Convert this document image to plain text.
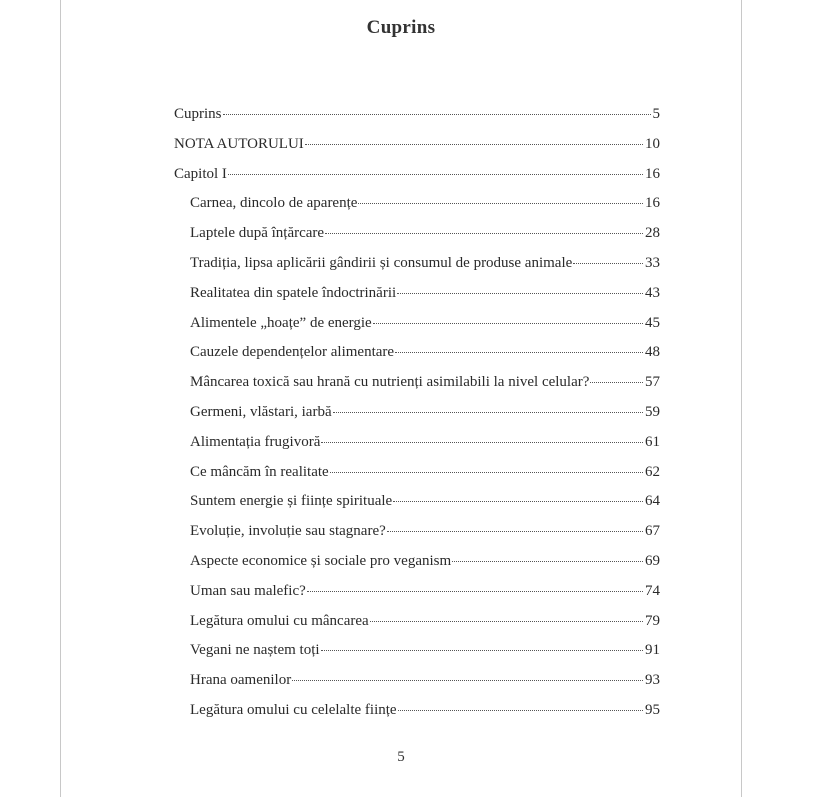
Cuprins
Cuprins	5
NOTA AUTORULUI	10
Capitol I	16
Carnea, dincolo de aparențe	16
Laptele după înțărcare	28
Tradiția, lipsa aplicării gândirii și consumul de produse animale	33
Realitatea din spatele îndoctrinării	43
Alimentele „hoațe” de energie	45
Cauzele dependențelor alimentare	48
Mâncarea toxică sau hrană cu nutrienți asimilabili la nivel celular?	57
Germeni, vlăstari, iarbă	59
Alimentația frugivoră	61
Ce mâncăm în realitate	62
Suntem energie și ființe spirituale	64
Evoluție, involuție sau stagnare?	67
Aspecte economice și sociale pro veganism	69
Uman sau malefic?	74
Legătura omului cu mâncarea	79
Vegani ne naștem toți	91
Hrana oamenilor	93
Legătura omului cu celelalte ființe	95
5
